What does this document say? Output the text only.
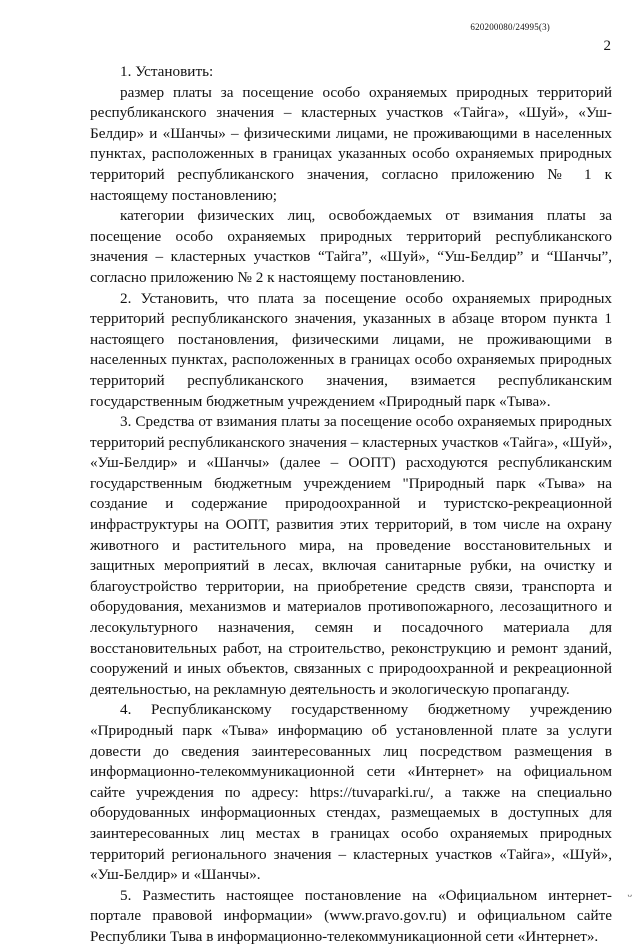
620200080/24995(3)
2

1. Установить:

размер платы за посещение особо охраняемых природных территорий республиканского значения – кластерных участков «Тайга», «Шуй», «Уш-Белдир» и «Шанчы» – физическими лицами, не проживающими в населенных пунктах, расположенных в границах указанных особо охраняемых природных территорий республиканского значения, согласно приложению № 1 к настоящему постановлению;

категории физических лиц, освобождаемых от взимания платы за посещение особо охраняемых природных территорий республиканского значения – кластерных участков “Тайга”, «Шуй», “Уш-Белдир” и “Шанчы”, согласно приложению № 2 к настоящему постановлению.

2. Установить, что плата за посещение особо охраняемых природных территорий республиканского значения, указанных в абзаце втором пункта 1 настоящего постановления, физическими лицами, не проживающими в населенных пунктах, расположенных в границах особо охраняемых природных территорий республиканского значения, взимается республиканским государственным бюджетным учреждением «Природный парк «Тыва».

3. Средства от взимания платы за посещение особо охраняемых природных территорий республиканского значения – кластерных участков «Тайга», «Шуй», «Уш-Белдир» и «Шанчы» (далее – ООПТ) расходуются республиканским государственным бюджетным учреждением "Природный парк «Тыва» на создание и содержание природоохранной и туристско-рекреационной инфраструктуры на ООПТ, развития этих территорий, в том числе на охрану животного и растительного мира, на проведение восстановительных и защитных мероприятий в лесах, включая санитарные рубки, на очистку и благоустройство территории, на приобретение средств связи, транспорта и оборудования, механизмов и материалов противопожарного, лесозащитного и лесокультурного назначения, семян и посадочного материала для восстановительных работ, на строительство, реконструкцию и ремонт зданий, сооружений и иных объектов, связанных с природоохранной и рекреационной деятельностью, на рекламную деятельность и экологическую пропаганду.

4. Республиканскому государственному бюджетному учреждению «Природный парк «Тыва» информацию об установленной плате за услуги довести до сведения заинтересованных лиц посредством размещения в информационно-телекоммуникационной сети «Интернет» на официальном сайте учреждения по адресу: https://tuvaparki.ru/, а также на специально оборудованных информационных стендах, размещаемых в доступных для заинтересованных лиц местах в границах особо охраняемых природных территорий регионального значения – кластерных участков «Тайга», «Шуй», «Уш-Белдир» и «Шанчы».

5. Разместить настоящее постановление на «Официальном интернет-портале правовой информации» (www.pravo.gov.ru) и официальном сайте Республики Тыва в информационно-телекоммуникационной сети «Интернет».

ᴗ
